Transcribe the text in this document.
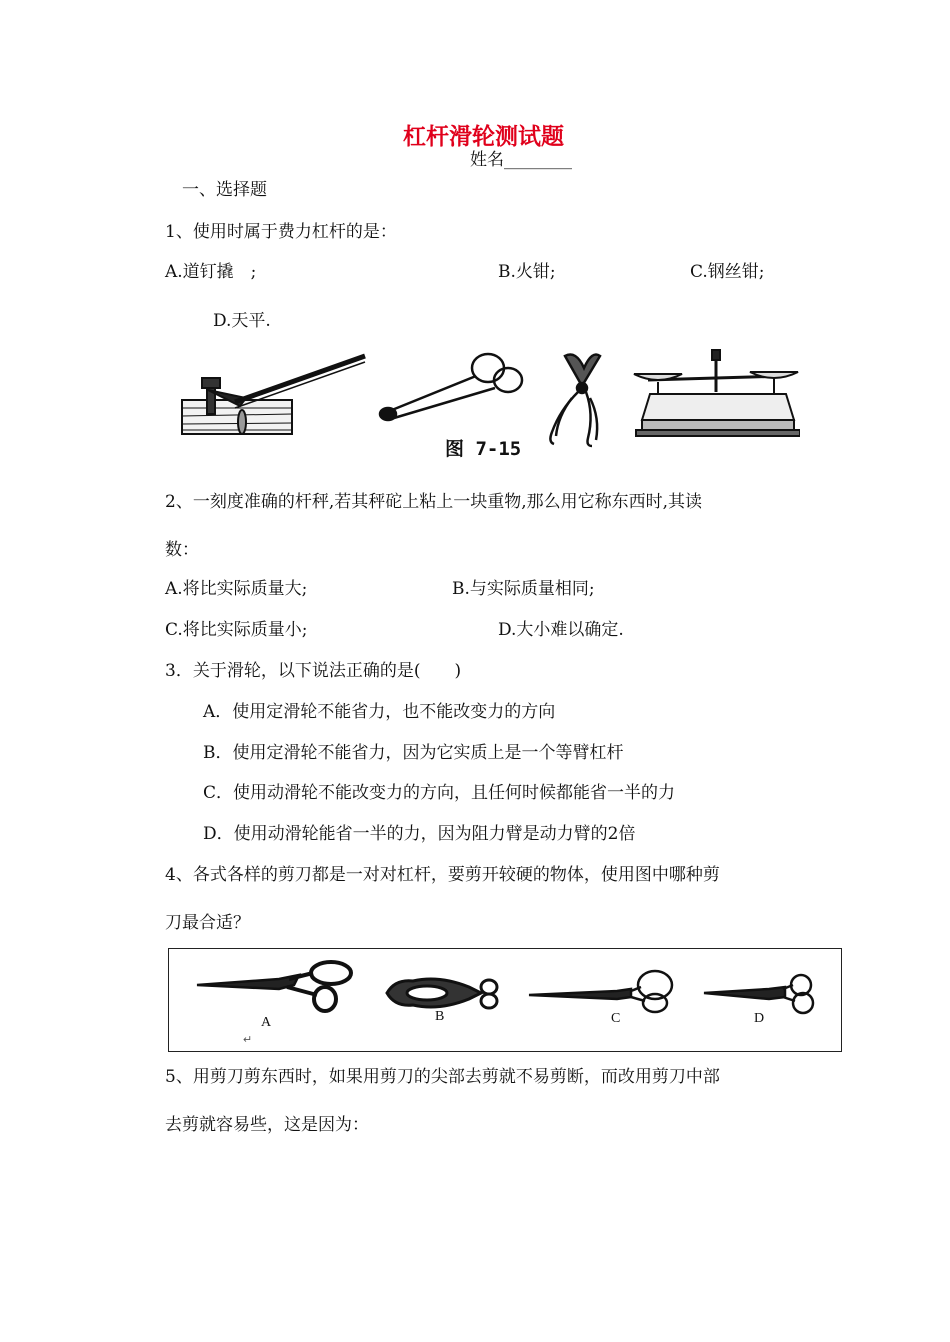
杠杆滑轮测试题
姓名________
一、选择题
1、使用时属于费力杠杆的是：
A.道钉撬　;	B.火钳;	C.钢丝钳;
D.天平.
图 7-15
2、一刻度准确的杆秤,若其秤砣上粘上一块重物,那么用它称东西时,其读
数：
A.将比实际质量大;	B.与实际质量相同;
C.将比实际质量小;	D.大小难以确定.
3．关于滑轮，以下说法正确的是(　　)
A．使用定滑轮不能省力，也不能改变力的方向
B．使用定滑轮不能省力，因为它实质上是一个等臂杠杆
C．使用动滑轮不能改变力的方向，且任何时候都能省一半的力
D．使用动滑轮能省一半的力，因为阻力臂是动力臂的2倍
4、各式各样的剪刀都是一对对杠杆，要剪开较硬的物体，使用图中哪种剪
刀最合适？
A	B	C	D
↵
5、用剪刀剪东西时，如果用剪刀的尖部去剪就不易剪断，而改用剪刀中部
去剪就容易些，这是因为：
